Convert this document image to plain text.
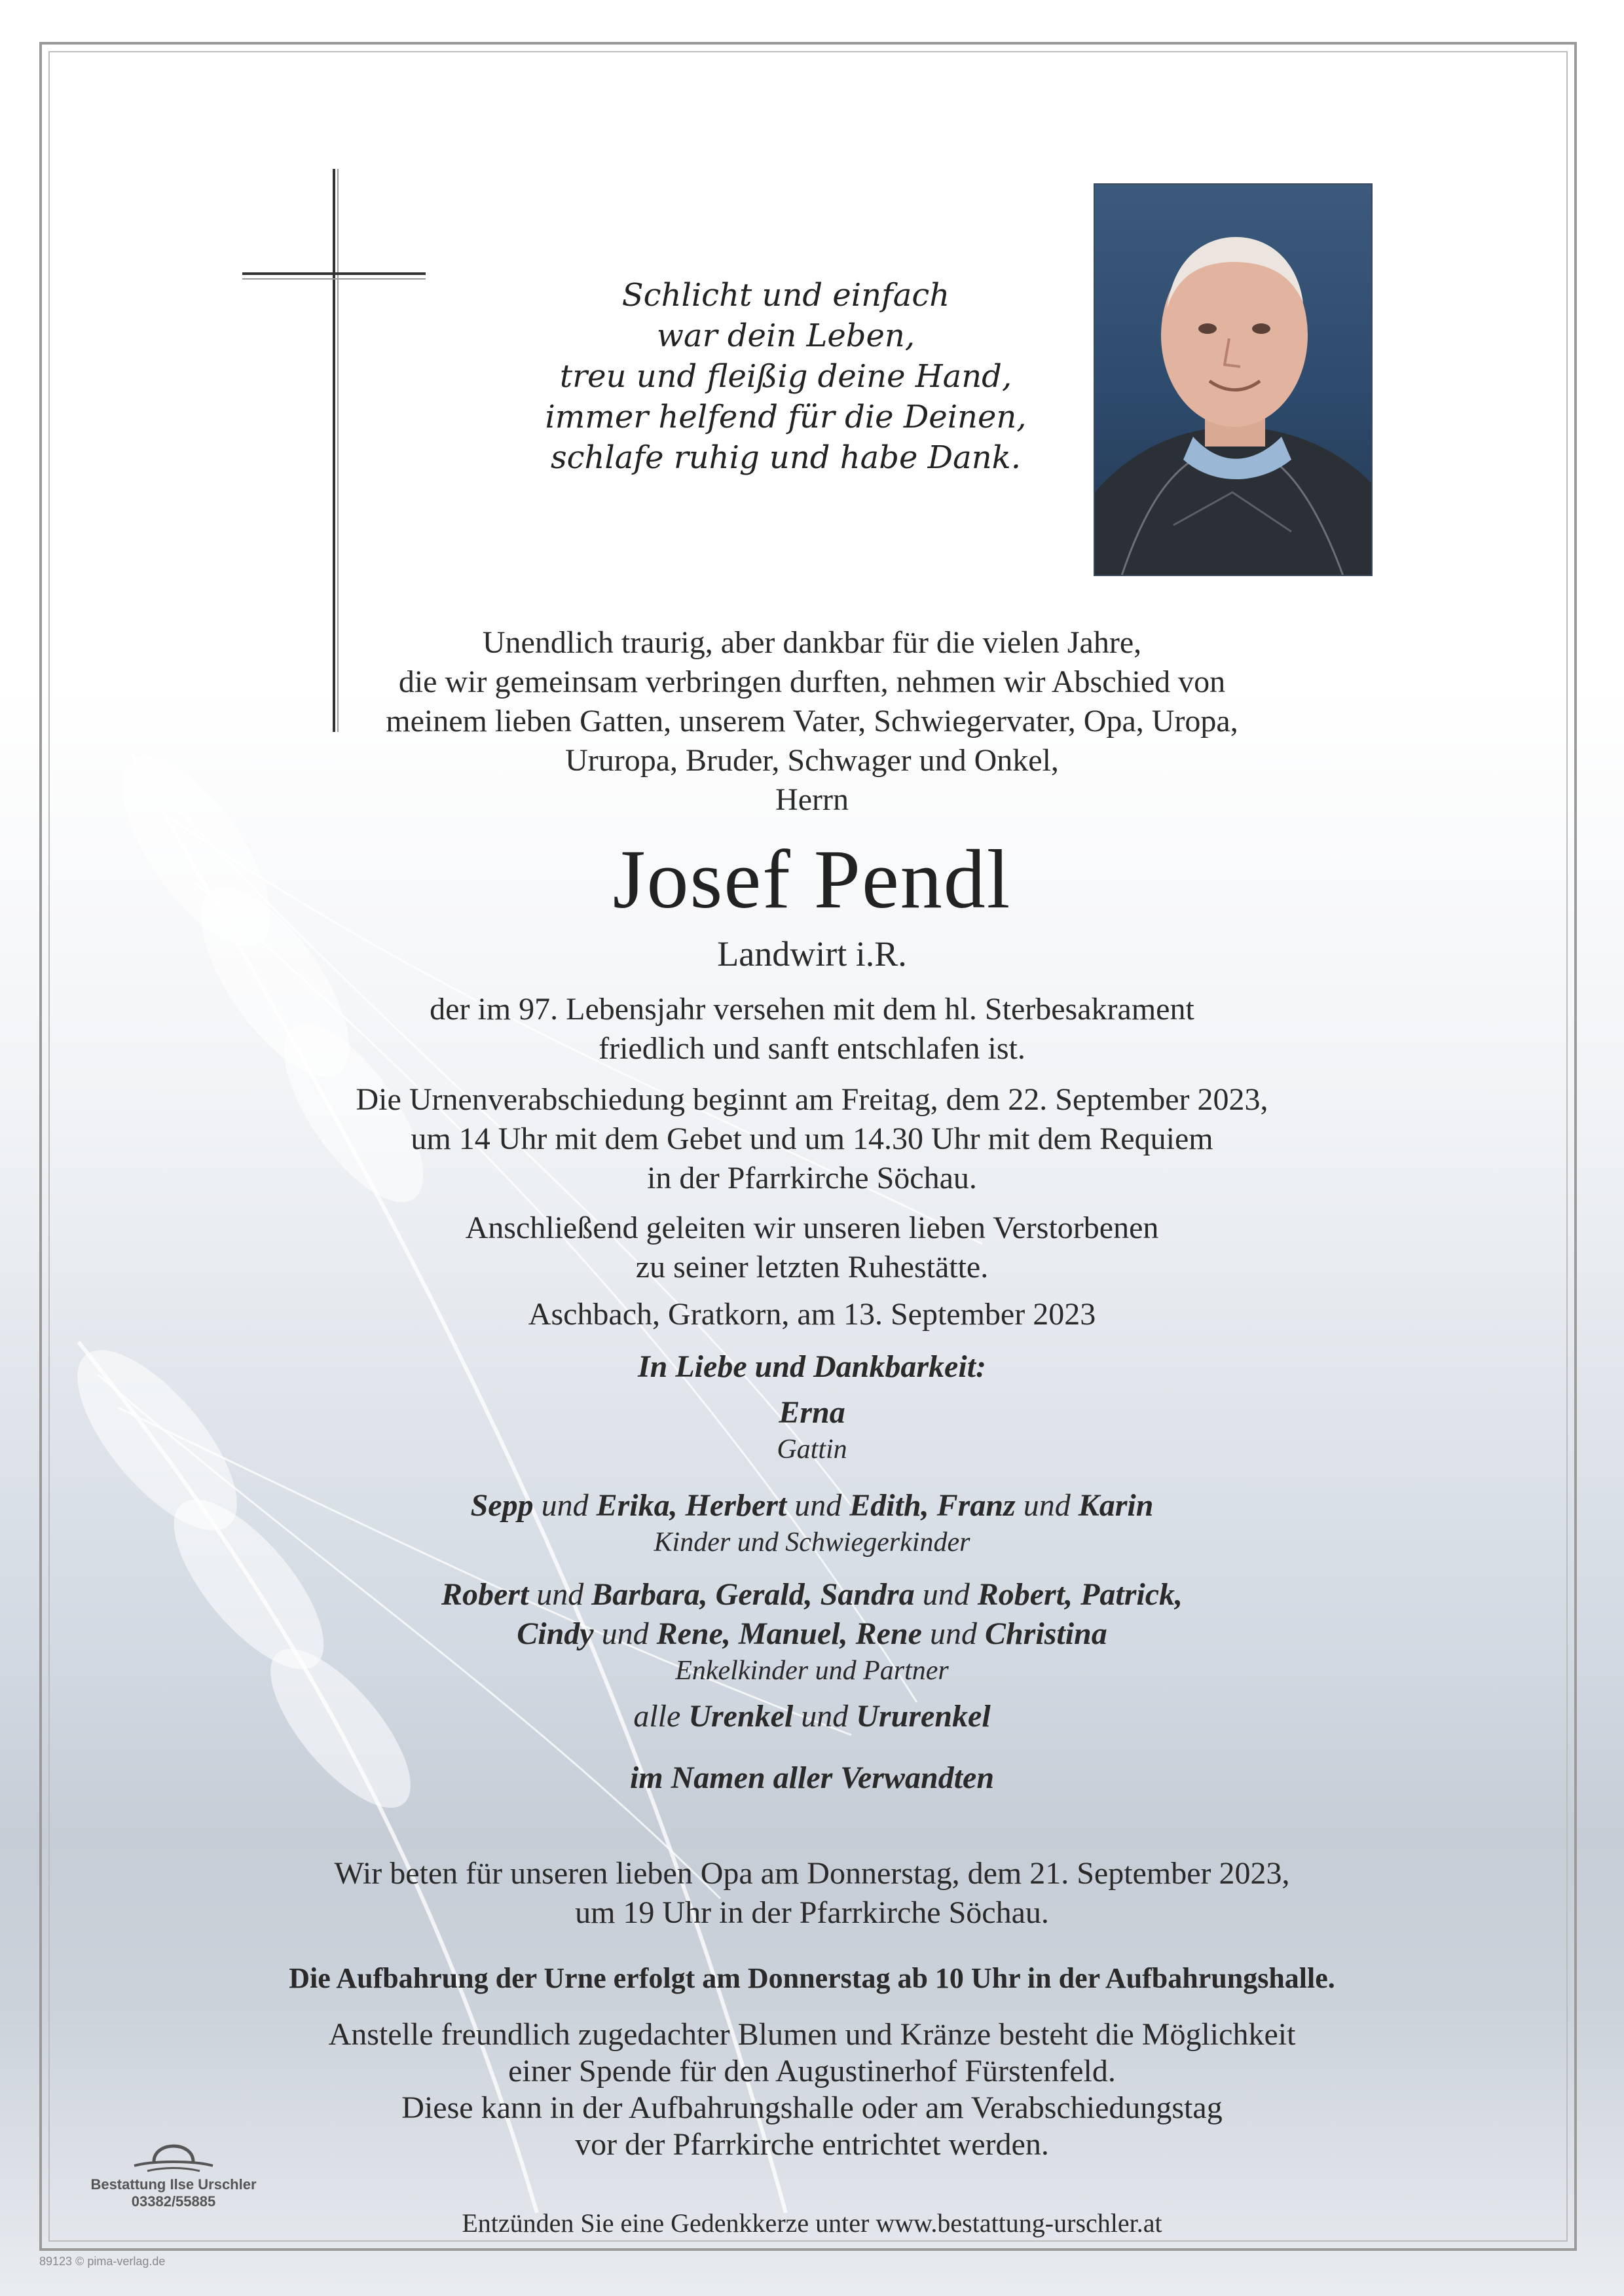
Schlicht und einfach
war dein Leben,
treu und fleißig deine Hand,
immer helfend für die Deinen,
schlafe ruhig und habe Dank.
Unendlich traurig, aber dankbar für die vielen Jahre,
die wir gemeinsam verbringen durften, nehmen wir Abschied von
meinem lieben Gatten, unserem Vater, Schwiegervater, Opa, Uropa,
Ururopa, Bruder, Schwager und Onkel,
Herrn
Josef Pendl
Landwirt i.R.
der im 97. Lebensjahr versehen mit dem hl. Sterbesakrament
friedlich und sanft entschlafen ist.
Die Urnenverabschiedung beginnt am Freitag, dem 22. September 2023,
um 14 Uhr mit dem Gebet und um 14.30 Uhr mit dem Requiem
in der Pfarrkirche Söchau.
Anschließend geleiten wir unseren lieben Verstorbenen
zu seiner letzten Ruhestätte.
Aschbach, Gratkorn, am 13. September 2023
In Liebe und Dankbarkeit:
Erna
Gattin
Sepp und Erika, Herbert und Edith, Franz und Karin
Kinder und Schwiegerkinder
Robert und Barbara, Gerald, Sandra und Robert, Patrick,
Cindy und Rene, Manuel, Rene und Christina
Enkelkinder und Partner
alle Urenkel und Ururenkel
im Namen aller Verwandten
Wir beten für unseren lieben Opa am Donnerstag, dem 21. September 2023,
um 19 Uhr in der Pfarrkirche Söchau.
Die Aufbahrung der Urne erfolgt am Donnerstag ab 10 Uhr in der Aufbahrungshalle.
Anstelle freundlich zugedachter Blumen und Kränze besteht die Möglichkeit
einer Spende für den Augustinerhof Fürstenfeld.
Diese kann in der Aufbahrungshalle oder am Verabschiedungstag
vor der Pfarrkirche entrichtet werden.
Bestattung Ilse Urschler
03382/55885
Entzünden Sie eine Gedenkkerze unter www.bestattung-urschler.at
89123 © pima-verlag.de
